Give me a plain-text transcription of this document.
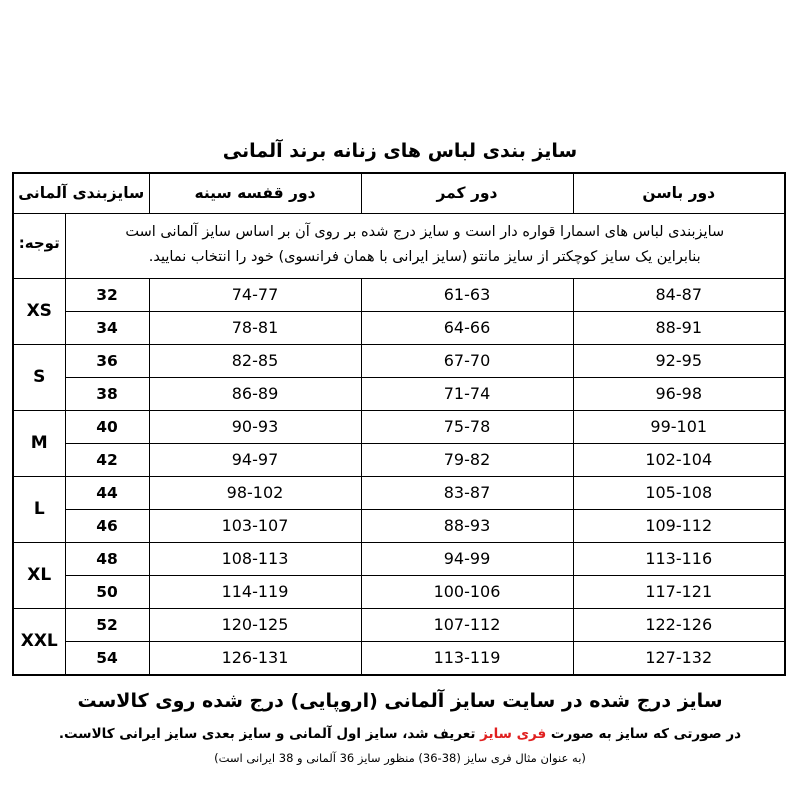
سایز بندی لباس های زنانه برند آلمانی
سایزبندی لباس های اسمارا قواره دار است و سایز درج شده بر روی آن بر اساس سایز آلمانی است
بنابراین یک سایز کوچکتر از سایز مانتو (سایز ایرانی با همان فرانسوی) خود را انتخاب نمایید.				توجه:
دور باسن	دور کمر	دور قفسه سینه	سایزبندی آلمانی	
84-87	61-63	74-77	32	XS
88-91	64-66	78-81	34	
92-95	67-70	82-85	36	S
96-98	71-74	86-89	38	
99-101	75-78	90-93	40	M
102-104	79-82	94-97	42	
105-108	83-87	98-102	44	L
109-112	88-93	103-107	46	
113-116	94-99	108-113	48	XL
117-121	100-106	114-119	50	
122-126	107-112	120-125	52	XXL
127-132	113-119	126-131	54	
سایز درج شده در سایت سایز آلمانی (اروپایی) درج شده روی کالاست
در صورتی که سایز به صورت فری سایز تعریف شد، سایز اول آلمانی و سایز بعدی سایز ایرانی کالاست.
(به عنوان مثال فری سایز (38-36) منظور سایز 36 آلمانی و 38 ایرانی است)
